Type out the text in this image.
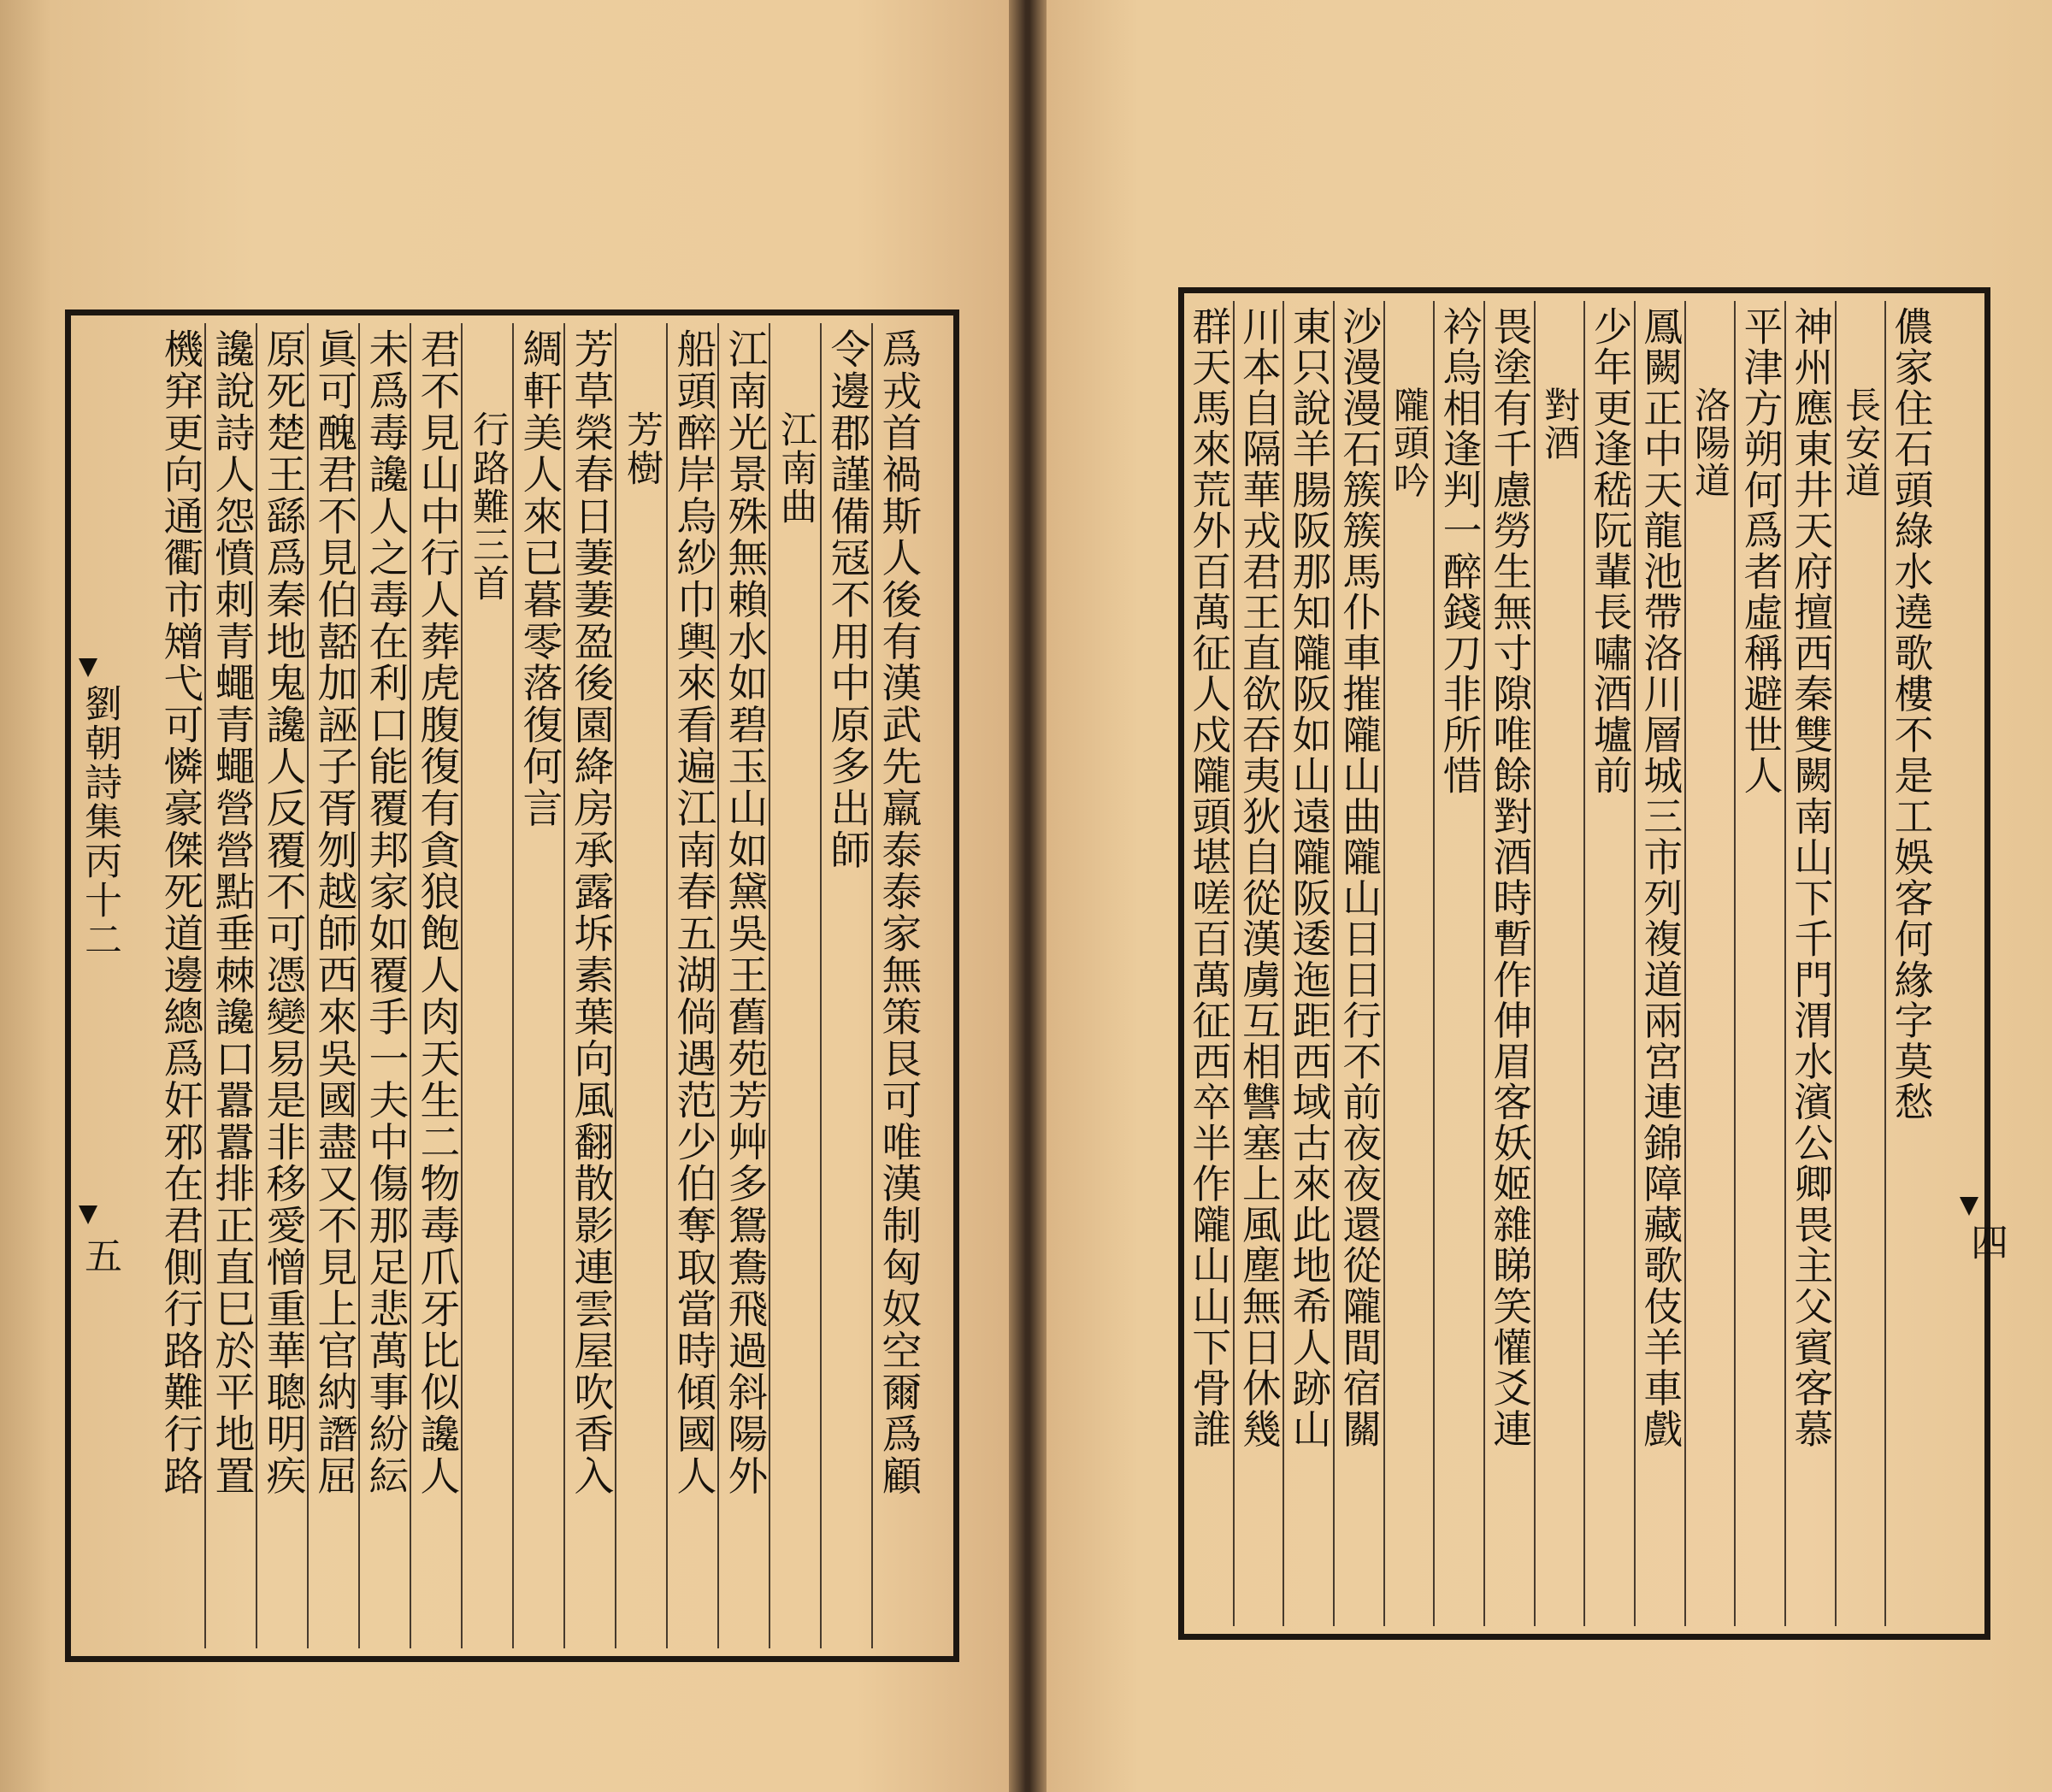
爲戎首禍斯人後有漢武先羸泰泰家無策艮可唯漢制匈奴空爾爲顧
令邊郡謹備冦不用中原多出師
江南曲
江南光景殊無賴水如碧玉山如黛吳王舊苑芳艸多鴛鴦飛過斜陽外
船頭醉岸烏紗巾輿來看遍江南春五湖倘遇范少伯奪取當時傾國人
芳樹
芳草榮春日萋萋盈後園絳房承露坼素葉向風翻散影連雲屋吹香入
綢軒美人來已暮零落復何言
行路難三首
君不見山中行人葬虎腹復有貪狼飽人肉天生二物毒爪牙比似讒人
未爲毒讒人之毒在利口能覆邦家如覆手一夫中傷那足悲萬事紛紜
眞可醜君不見伯嚭加誣子胥刎越師西來吳國盡又不見上官納譖屈
原死楚王繇爲秦地鬼讒人反覆不可憑變易是非移愛憎重華聰明疾
讒說詩人怨憤刺青蠅青蠅營營點垂棘讒口囂囂排正直巳於平地置
機穽更向通衢市矰弋可憐豪傑死道邊總爲奸邪在君側行路難行路
劉朝詩集丙十二
五
儂家住石頭綠水遶歌樓不是工娛客何緣字莫愁
長安道
神州應東井天府擅西秦雙闕南山下千門渭水濱公卿畏主父賓客慕
平津方朔何爲者虛稱避世人
洛陽道
鳳闕正中天龍池帶洛川層城三市列複道兩宮連錦障藏歌伎羊車戲
少年更逢嵇阮輩長嘯酒壚前
對酒
畏塗有千慮勞生無寸隙唯餘對酒時暫作伸眉客妖姬雜睇笑懽爻連
衿烏相逢判一醉錢刀非所惜
隴頭吟
沙漫漫石簇簇馬仆車摧隴山曲隴山日日行不前夜夜還從隴間宿關
東只說羊腸阪那知隴阪如山遠隴阪逶迤距西域古來此地希人跡山
川本自隔華戎君王直欲吞夷狄自從漢虜互相讐塞上風塵無日休幾
群天馬來荒外百萬征人戍隴頭堪嗟百萬征西卒半作隴山山下骨誰	四
